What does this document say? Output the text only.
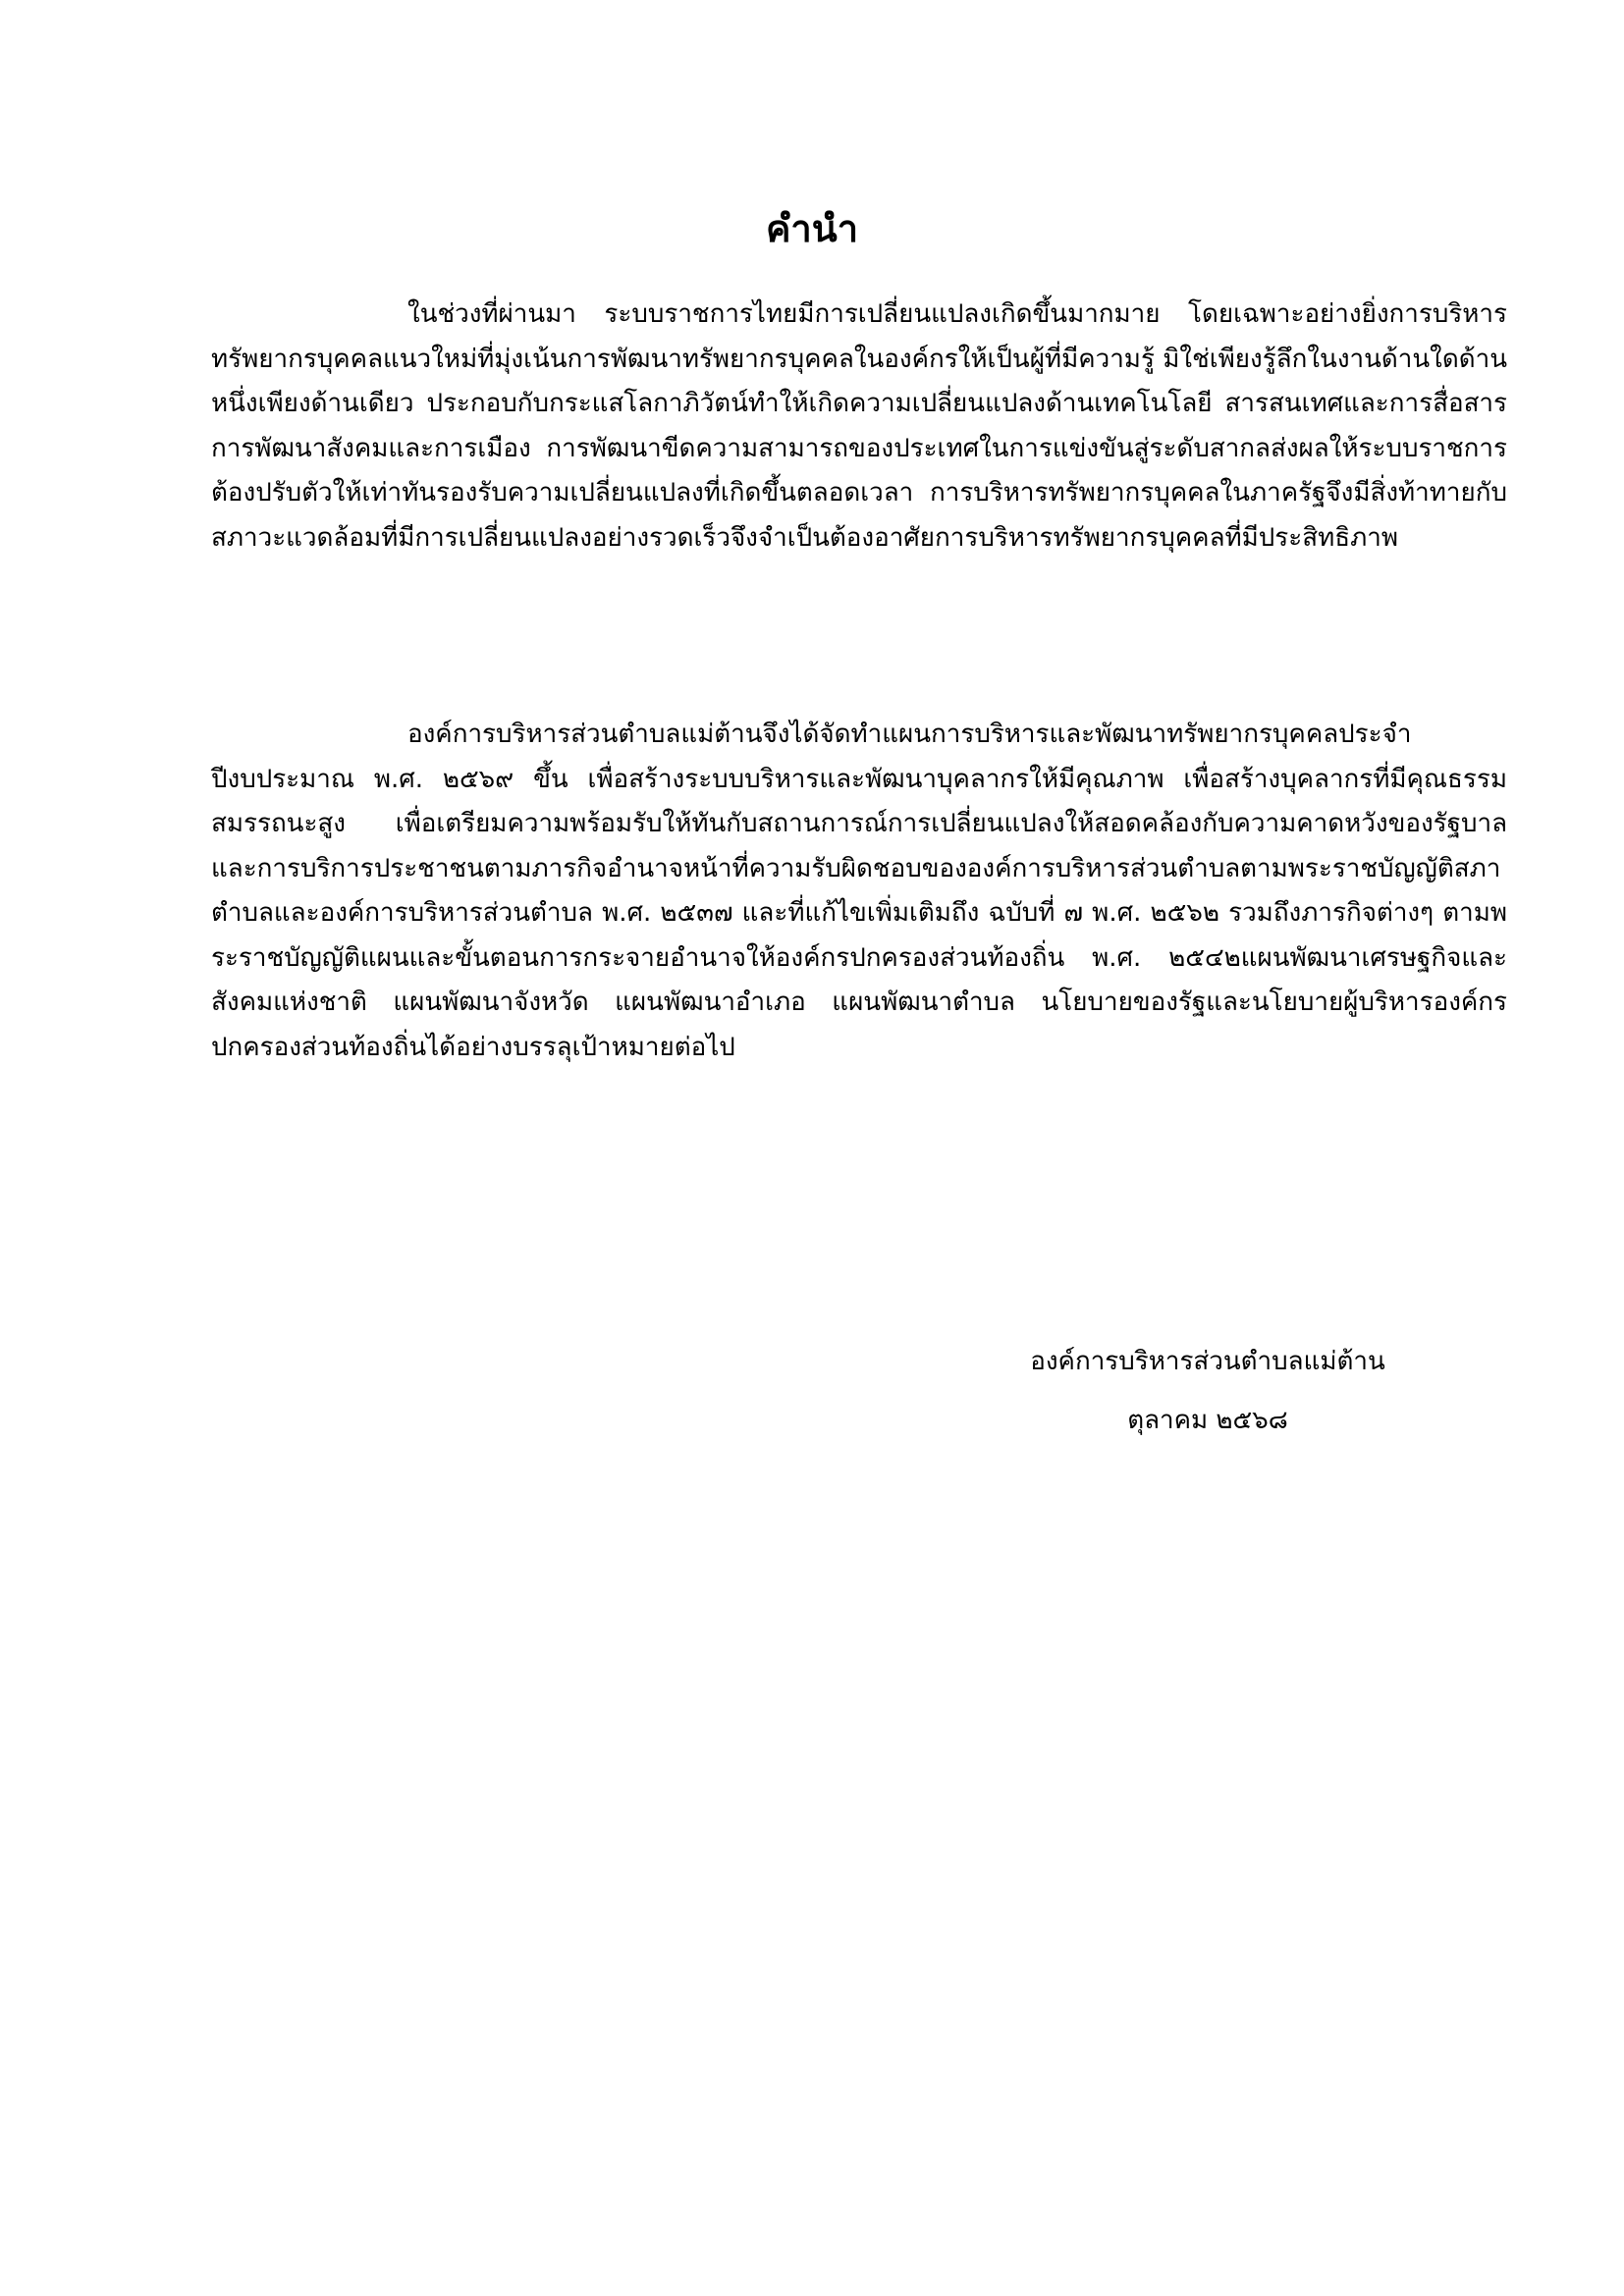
คำนำ

ในช่วงที่ผ่านมา ระบบราชการไทยมีการเปลี่ยนแปลงเกิดขึ้นมากมาย โดยเฉพาะอย่างยิ่งการบริหารทรัพยากรบุคคลแนวใหม่ที่มุ่งเน้นการพัฒนาทรัพยากรบุคคลในองค์กรให้เป็นผู้ที่มีความรู้ มิใช่เพียงรู้ลึกในงานด้านใดด้านหนึ่งเพียงด้านเดียว ประกอบกับกระแสโลกาภิวัตน์ทำให้เกิดความเปลี่ยนแปลงด้านเทคโนโลยี สารสนเทศและการสื่อสาร การพัฒนาสังคมและการเมือง การพัฒนาขีดความสามารถของประเทศในการแข่งขันสู่ระดับสากลส่งผลให้ระบบราชการต้องปรับตัวให้เท่าทันรองรับความเปลี่ยนแปลงที่เกิดขึ้นตลอดเวลา การบริหารทรัพยากรบุคคลในภาครัฐจึงมีสิ่งท้าทายกับสภาวะแวดล้อมที่มีการเปลี่ยนแปลงอย่างรวดเร็วจึงจำเป็นต้องอาศัยการบริหารทรัพยากรบุคคลที่มีประสิทธิภาพ

องค์การบริหารส่วนตำบลแม่ต้านจึงได้จัดทำแผนการบริหารและพัฒนาทรัพยากรบุคคลประจำปีงบประมาณ พ.ศ. ๒๕๖๙ ขึ้น เพื่อสร้างระบบบริหารและพัฒนาบุคลากรให้มีคุณภาพ เพื่อสร้างบุคลากรที่มีคุณธรรมสมรรถนะสูง เพื่อเตรียมความพร้อมรับให้ทันกับสถานการณ์การเปลี่ยนแปลงให้สอดคล้องกับความคาดหวังของรัฐบาลและการบริการประชาชนตามภารกิจอำนาจหน้าที่ความรับผิดชอบขององค์การบริหารส่วนตำบลตามพระราชบัญญัติสภาตำบลและองค์การบริหารส่วนตำบล พ.ศ. ๒๕๓๗ และที่แก้ไขเพิ่มเติมถึง ฉบับที่ ๗ พ.ศ. ๒๕๖๒ รวมถึงภารกิจต่างๆ ตามพระราชบัญญัติแผนและขั้นตอนการกระจายอำนาจให้องค์กรปกครองส่วนท้องถิ่น พ.ศ. ๒๕๔๒แผนพัฒนาเศรษฐกิจและสังคมแห่งชาติ แผนพัฒนาจังหวัด แผนพัฒนาอำเภอ แผนพัฒนาตำบล นโยบายของรัฐและนโยบายผู้บริหารองค์กรปกครองส่วนท้องถิ่นได้อย่างบรรลุเป้าหมายต่อไป

องค์การบริหารส่วนตำบลแม่ต้าน
ตุลาคม ๒๕๖๘
